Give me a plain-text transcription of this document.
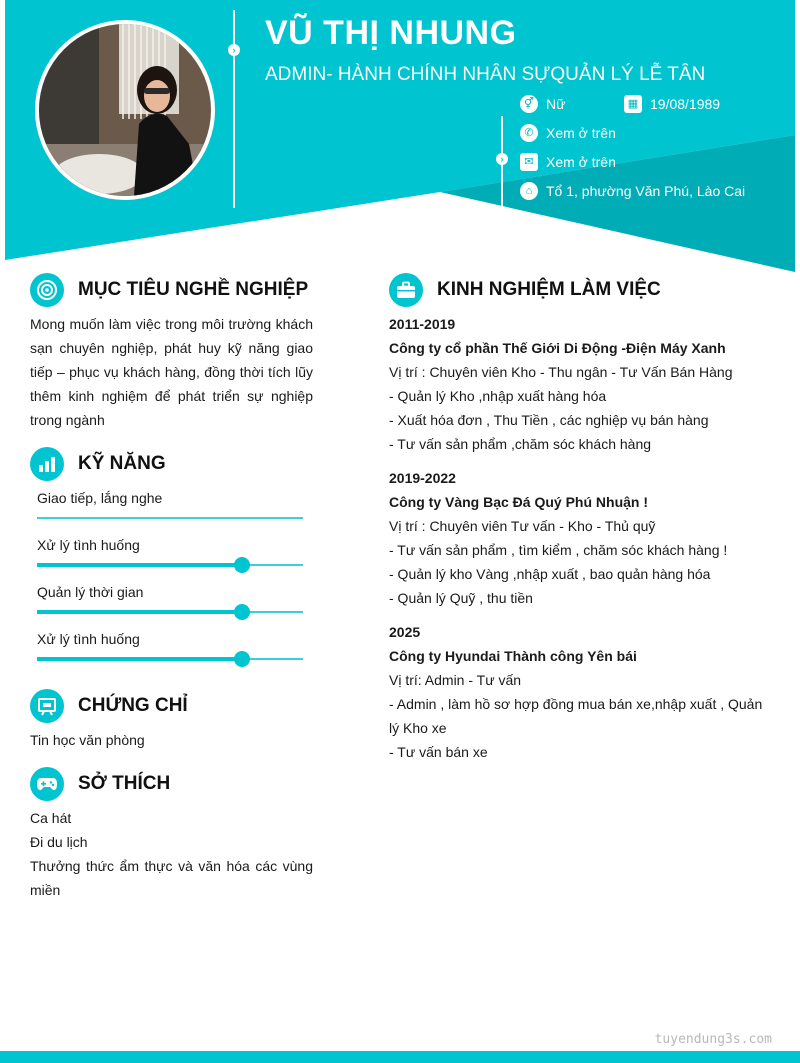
›
›
VŨ THỊ NHUNG
ADMIN- HÀNH CHÍNH NHÂN SỰQUẢN LÝ LỄ TÂN
⚥ Nữ	▦ 19/08/1989
✆ Xem ở trên
✉ Xem ở trên
⌂ Tổ 1, phường Văn Phú, Lào Cai
MỤC TIÊU NGHỀ NGHIỆP
Mong muốn làm việc trong môi trường khách sạn chuyên nghiệp, phát huy kỹ năng giao tiếp – phục vụ khách hàng, đồng thời tích lũy thêm kinh nghiệm để phát triển sự nghiệp trong ngành
KỸ NĂNG
Giao tiếp, lắng nghe
Xử lý tình huống
Quản lý thời gian
Xử lý tình huống
CHỨNG CHỈ
Tin học văn phòng
SỞ THÍCH
Ca hát
Đi du lịch
Thưởng thức ẩm thực và văn hóa các vùng miền
KINH NGHIỆM LÀM VIỆC
2011-2019
Công ty cổ phần Thế Giới Di Động -Điện Máy Xanh
Vị trí : Chuyên viên Kho - Thu ngân - Tư Vấn Bán Hàng
- Quản lý Kho ,nhập xuất hàng hóa
- Xuất hóa đơn , Thu Tiền , các nghiệp vụ bán hàng
- Tư vấn sản phẩm ,chăm sóc khách hàng
2019-2022
Công ty Vàng Bạc Đá Quý Phú Nhuận !
Vị trí : Chuyên viên Tư vấn - Kho - Thủ quỹ
- Tư vấn sản phẩm , tìm kiểm , chăm sóc khách hàng !
- Quản lý kho Vàng ,nhập xuất , bao quản hàng hóa
- Quản lý Quỹ , thu tiền
2025
Công ty Hyundai Thành công Yên bái
Vị trí: Admin - Tư vấn
- Admin , làm hồ sơ hợp đồng mua bán xe,nhập xuất , Quản lý Kho xe
- Tư vấn bán xe
tuyendung3s.com
